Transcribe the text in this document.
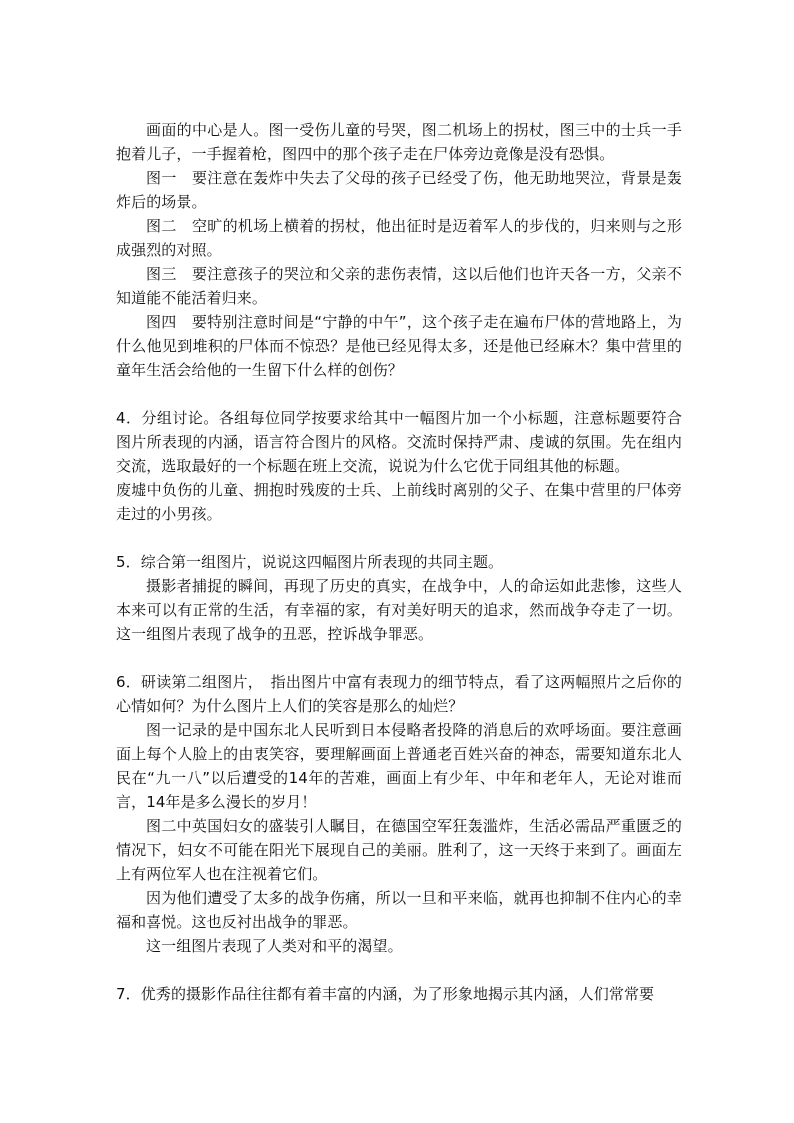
画面的中心是人。图一受伤儿童的号哭，图二机场上的拐杖，图三中的士兵一手抱着儿子，一手握着枪，图四中的那个孩子走在尸体旁边竟像是没有恐惧。

图一　要注意在轰炸中失去了父母的孩子已经受了伤，他无助地哭泣，背景是轰炸后的场景。

图二　空旷的机场上横着的拐杖，他出征时是迈着军人的步伐的，归来则与之形成强烈的对照。

图三　要注意孩子的哭泣和父亲的悲伤表情，这以后他们也许天各一方，父亲不知道能不能活着归来。

图四　要特别注意时间是“宁静的中午”，这个孩子走在遍布尸体的营地路上，为什么他见到堆积的尸体而不惊恐？是他已经见得太多，还是他已经麻木？集中营里的童年生活会给他的一生留下什么样的创伤？

4．分组讨论。各组每位同学按要求给其中一幅图片加一个小标题，注意标题要符合图片所表现的内涵，语言符合图片的风格。交流时保持严肃、虔诚的氛围。先在组内交流，选取最好的一个标题在班上交流，说说为什么它优于同组其他的标题。

废墟中负伤的儿童、拥抱时残废的士兵、上前线时离别的父子、在集中营里的尸体旁走过的小男孩。

5．综合第一组图片，说说这四幅图片所表现的共同主题。

摄影者捕捉的瞬间，再现了历史的真实，在战争中，人的命运如此悲惨，这些人本来可以有正常的生活，有幸福的家，有对美好明天的追求，然而战争夺走了一切。这一组图片表现了战争的丑恶，控诉战争罪恶。

6．研读第二组图片，　指出图片中富有表现力的细节特点，看了这两幅照片之后你的心情如何？为什么图片上人们的笑容是那么的灿烂？

图一记录的是中国东北人民听到日本侵略者投降的消息后的欢呼场面。要注意画面上每个人脸上的由衷笑容，要理解画面上普通老百姓兴奋的神态，需要知道东北人民在“九一八”以后遭受的14年的苦难，画面上有少年、中年和老年人，无论对谁而言，14年是多么漫长的岁月！

图二中英国妇女的盛装引人瞩目，在德国空军狂轰滥炸，生活必需品严重匮乏的情况下，妇女不可能在阳光下展现自己的美丽。胜利了，这一天终于来到了。画面左上有两位军人也在注视着它们。

因为他们遭受了太多的战争伤痛，所以一旦和平来临，就再也抑制不住内心的幸福和喜悦。这也反衬出战争的罪恶。

这一组图片表现了人类对和平的渴望。

7．优秀的摄影作品往往都有着丰富的内涵，为了形象地揭示其内涵，人们常常要
